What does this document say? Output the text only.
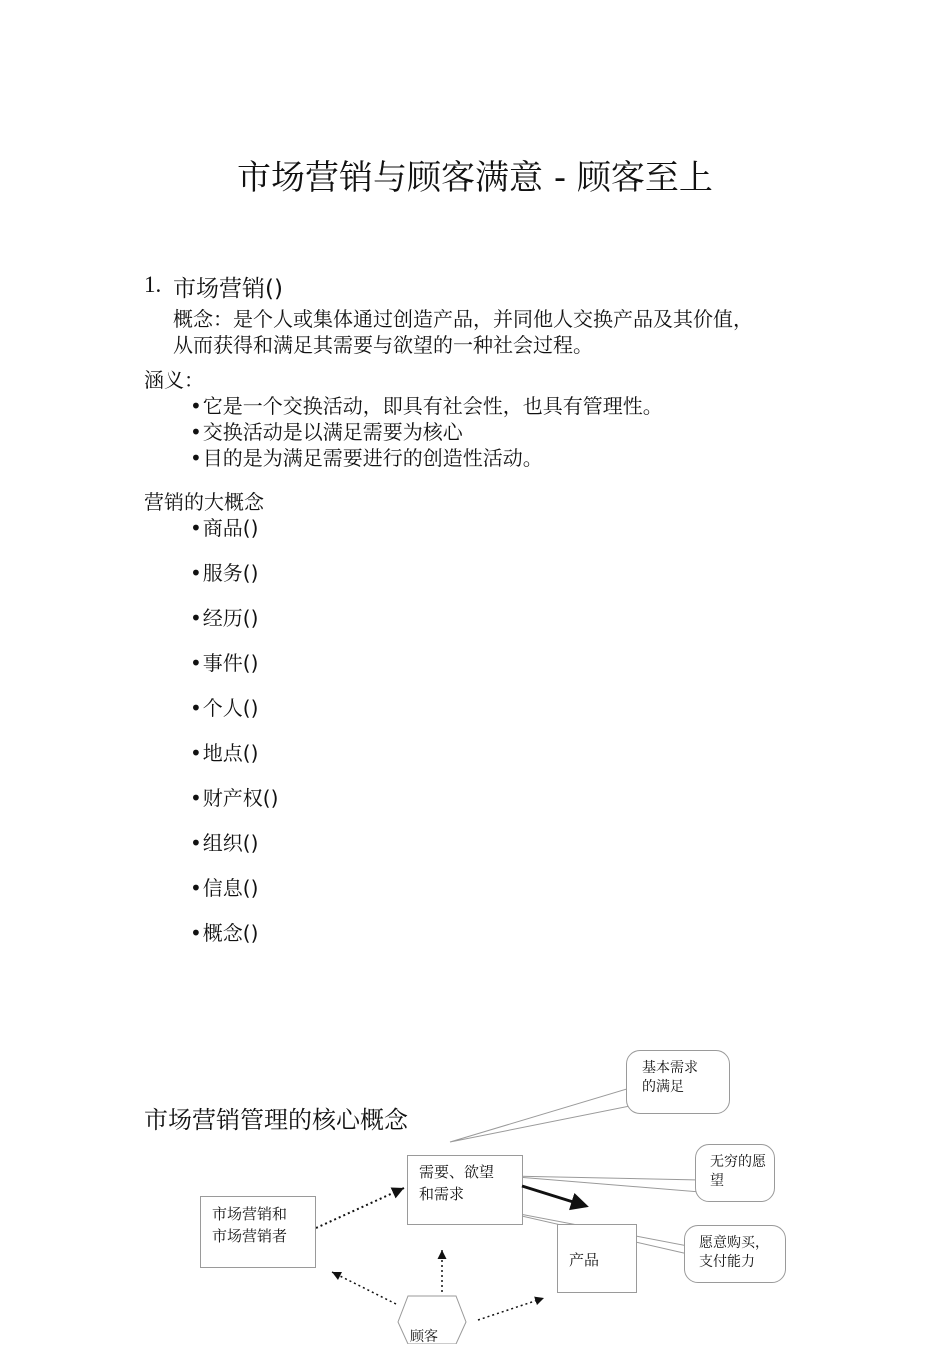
市场营销与顾客满意 - 顾客至上
1. 市场营销()
概念：是个人或集体通过创造产品，并同他人交换产品及其价值，
从而获得和满足其需要与欲望的一种社会过程。
涵义：
•它是一个交换活动，即具有社会性，也具有管理性。
•交换活动是以满足需要为核心
•目的是为满足需要进行的创造性活动。
营销的大概念
•商品()
•服务()
•经历()
•事件()
•个人()
•地点()
•财产权()
•组织()
•信息()
•概念()
市场营销管理的核心概念
市场营销和
市场营销者
需要、欲望
和需求
产品
顾客
基本需求
的满足
无穷的愿望
愿意购买，
支付能力
